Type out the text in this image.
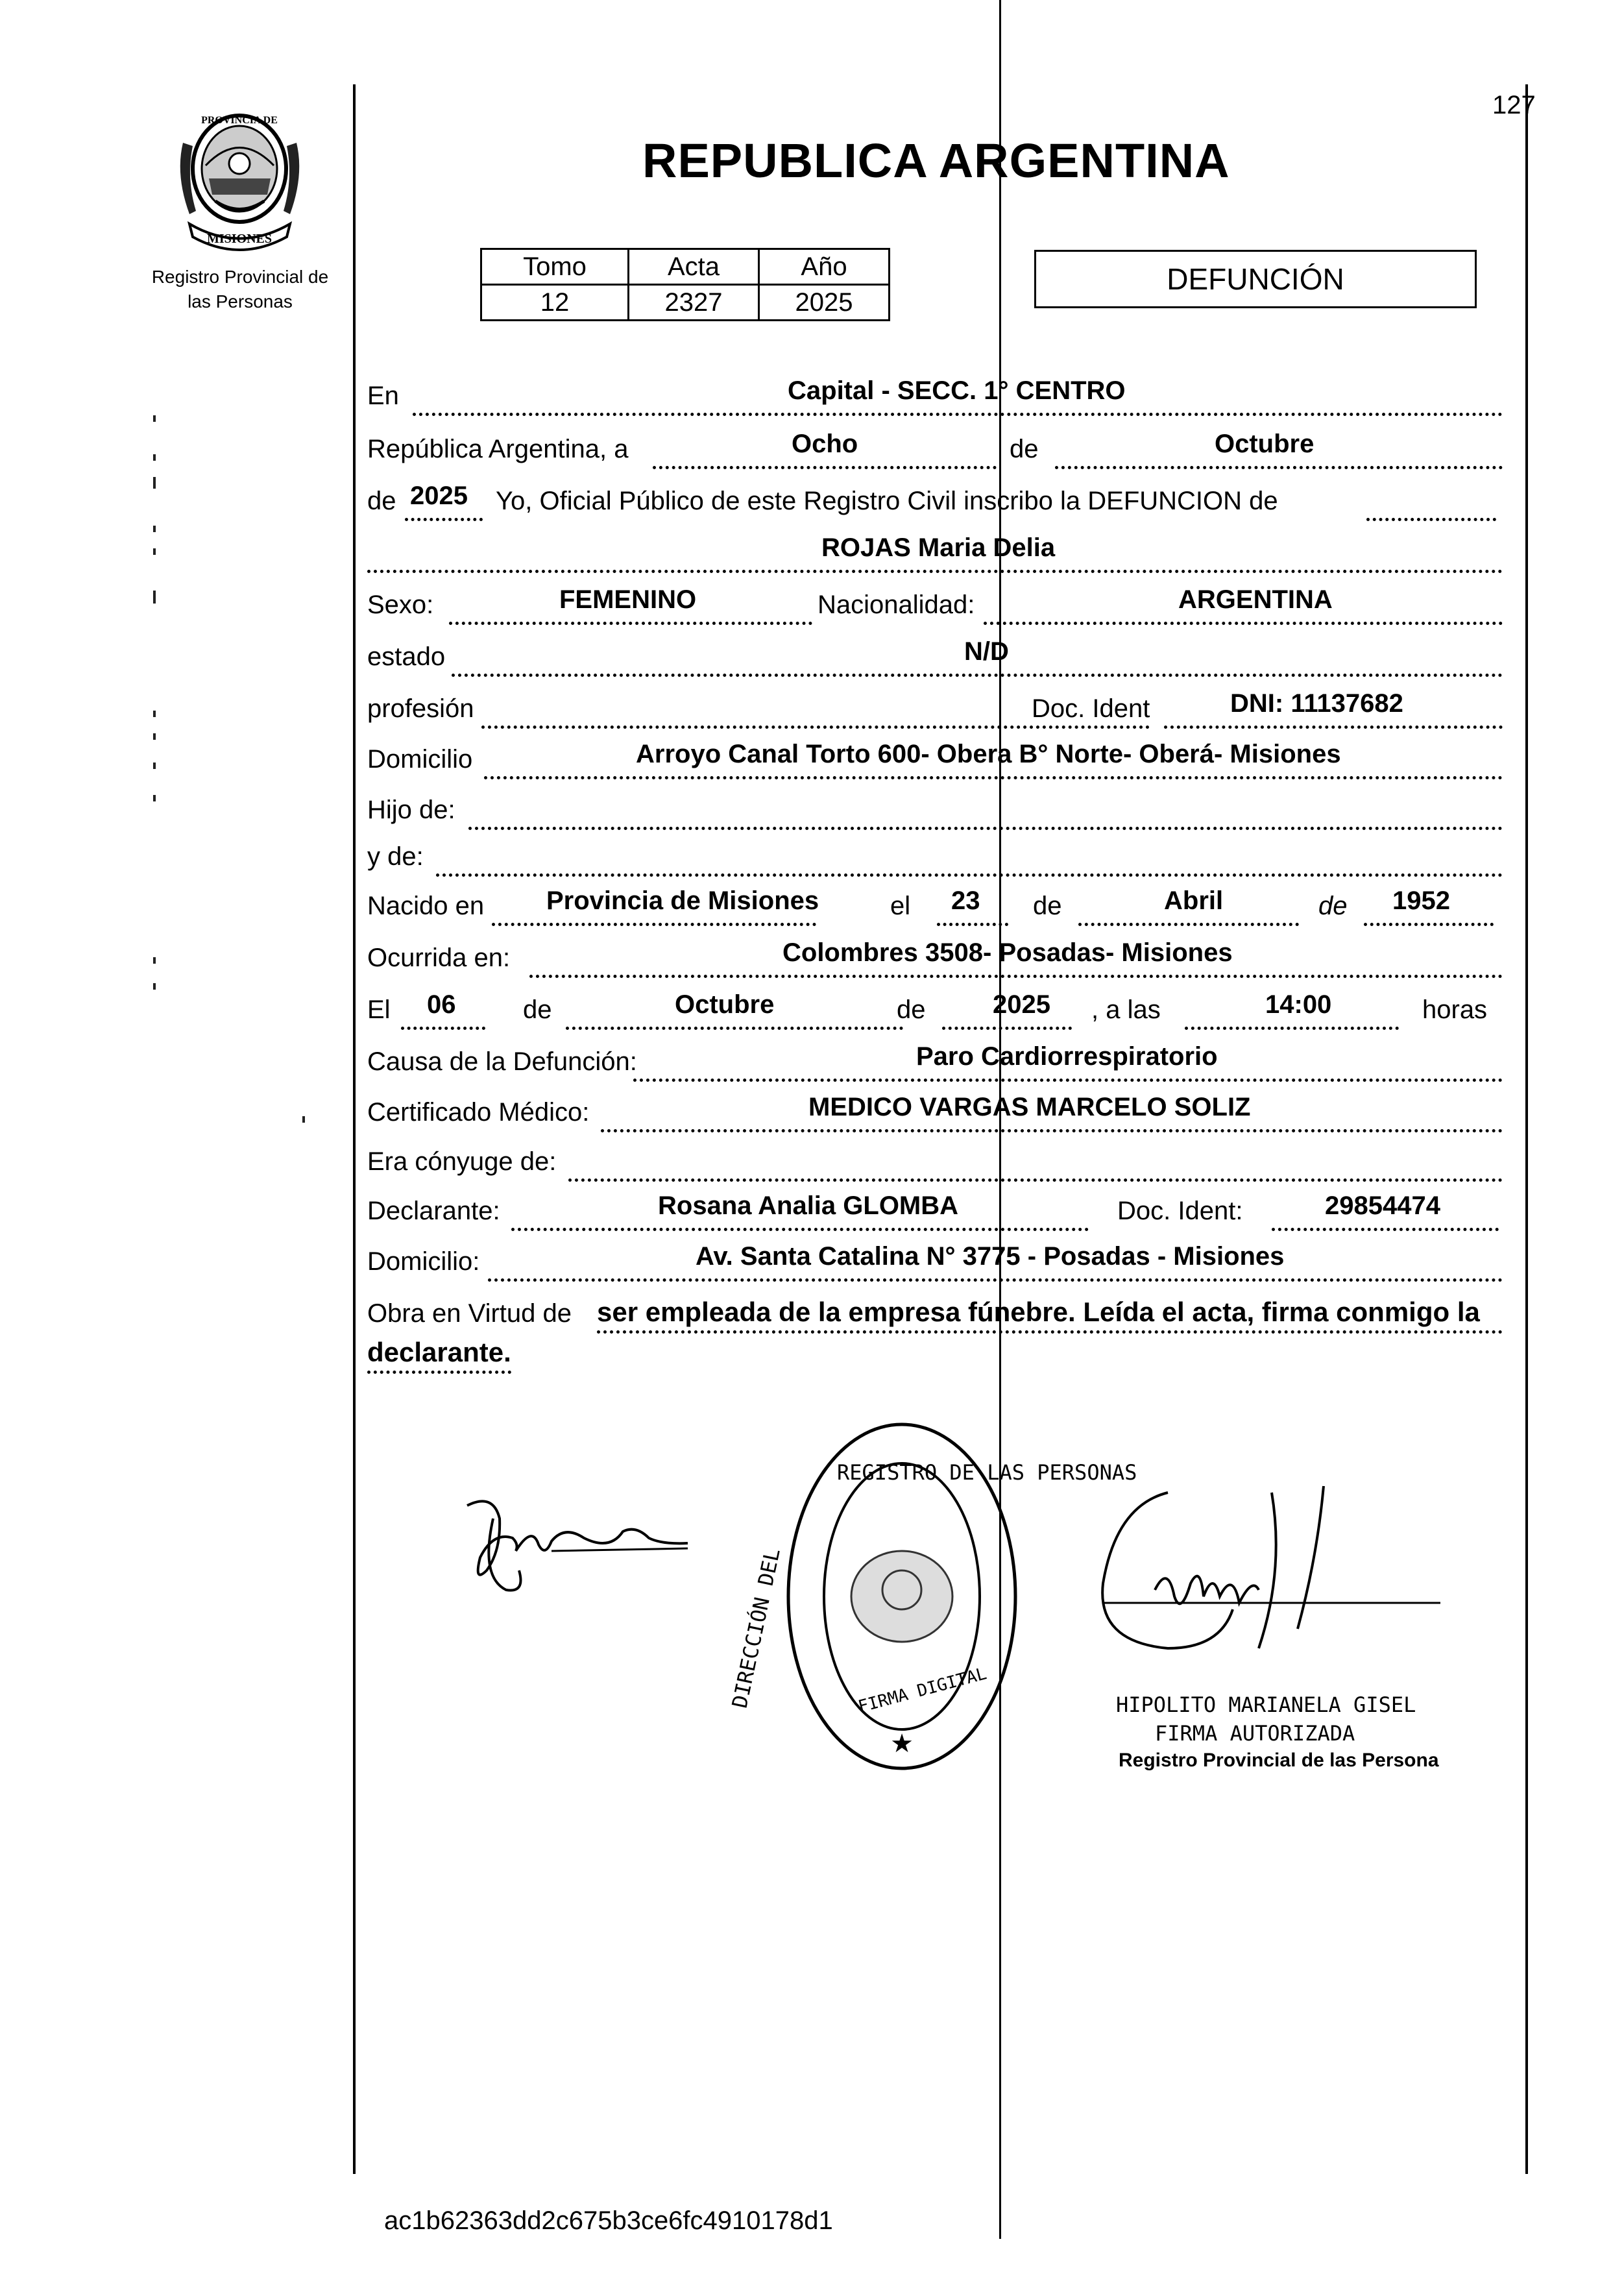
PROVINCIA DE
MISIONES
Registro Provincial de las Personas
127
REPUBLICA ARGENTINA
Tomo	Acta	Año
12	2327	2025
DEFUNCIÓN
En	Capital - SECC. 1° CENTRO
República Argentina, a	Ocho	de	Octubre
de 2025 Yo, Oficial Público de este Registro Civil inscribo la DEFUNCION de
ROJAS Maria Delia
Sexo:	FEMENINO	Nacionalidad:	ARGENTINA
estado	N/D
profesión	Doc. Ident	DNI: 11137682
Domicilio	Arroyo Canal Torto 600- Obera B° Norte- Oberá- Misiones
Hijo de:
y de:
Nacido en Provincia de Misiones	el 23 de	Abril	de 1952
Ocurrida en:	Colombres 3508- Posadas- Misiones
El 06	de	Octubre	de	2025 , a las	14:00	horas
Causa de la Defunción:	Paro Cardiorrespiratorio
Certificado Médico:	MEDICO VARGAS MARCELO SOLIZ
Era cónyuge de:
Declarante:	Rosana Analia GLOMBA	Doc. Ident:	29854474
Domicilio:	Av. Santa Catalina N° 3775 - Posadas - Misiones
Obra en Virtud de ser empleada de la empresa fúnebre. Leída el acta, firma conmigo la
declarante.
★
REGISTRO DE LAS PERSONAS
DIRECCIÓN DEL	FIRMA DIGITAL	HIPOLITO MARIANELA GISEL
FIRMA AUTORIZADA
Registro Provincial de las Persona
ac1b62363dd2c675b3ce6fc4910178d1
